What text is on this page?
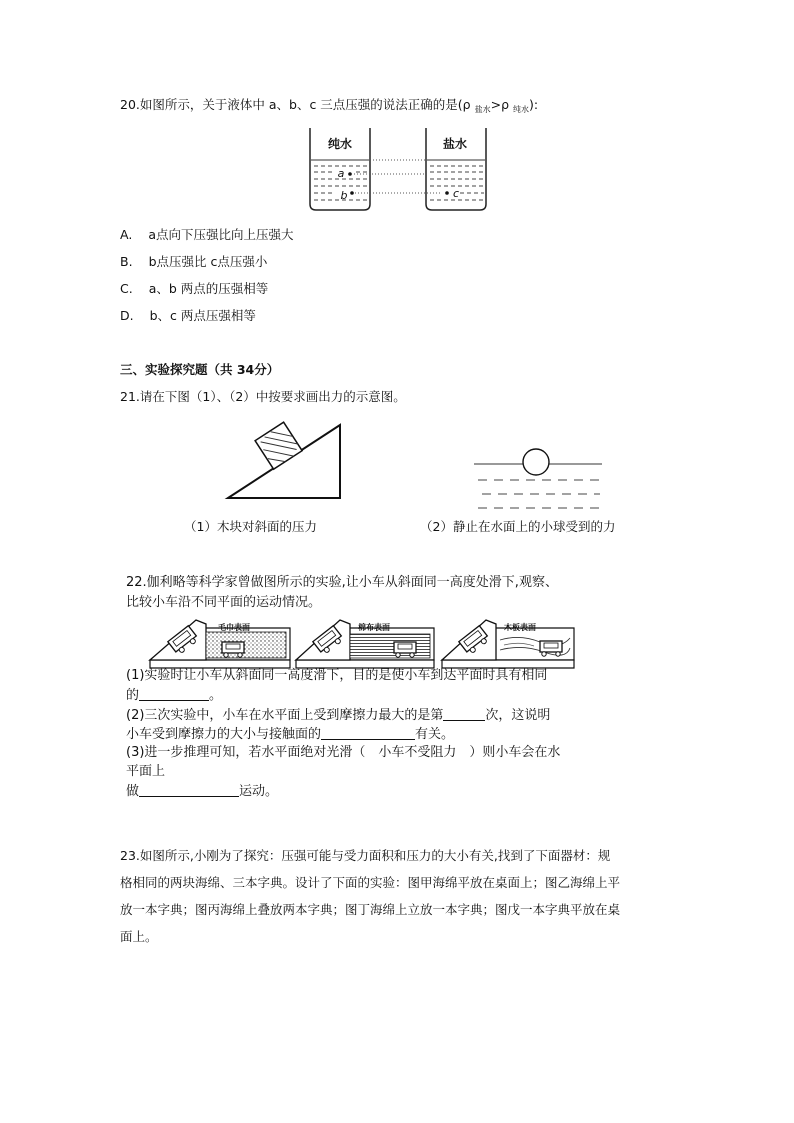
20.如图所示，关于液体中 a、b、c 三点压强的说法正确的是(ρ $_{盐水}$>ρ $_{纯水}$):
纯水
a
b
盐水
c
A. a点向下压强比向上压强大
B. b点压强比 c点压强小
C. a、b 两点的压强相等
D. b、c 两点压强相等
三、实验探究题（共 34分）
21.请在下图（1）、（2）中按要求画出力的示意图。
（1）木块对斜面的压力	（2）静止在水面上的小球受到的力
22.伽利略等科学家曾做图所示的实验,让小车从斜面同一高度处滑下,观察、
比较小车沿不同平面的运动情况。
毛巾表面	棉布表面	木板表面
(1)实验时让小车从斜面同一高度滑下，目的是使小车到达平面时具有相同
的	。
(2)三次实验中，小车在水平面上受到摩擦力最大的是第	次，这说明
小车受到摩擦力的大小与接触面的	有关。
(3)进一步推理可知，若水平面绝对光滑（　小车不受阻力　）则小车会在水
平面上
做	运动。
23.如图所示,小刚为了探究：压强可能与受力面积和压力的大小有关,找到了下面器材：规
格相同的两块海绵、三本字典。设计了下面的实验：图甲海绵平放在桌面上；图乙海绵上平
放一本字典；图丙海绵上叠放两本字典；图丁海绵上立放一本字典；图戊一本字典平放在桌
面上。
